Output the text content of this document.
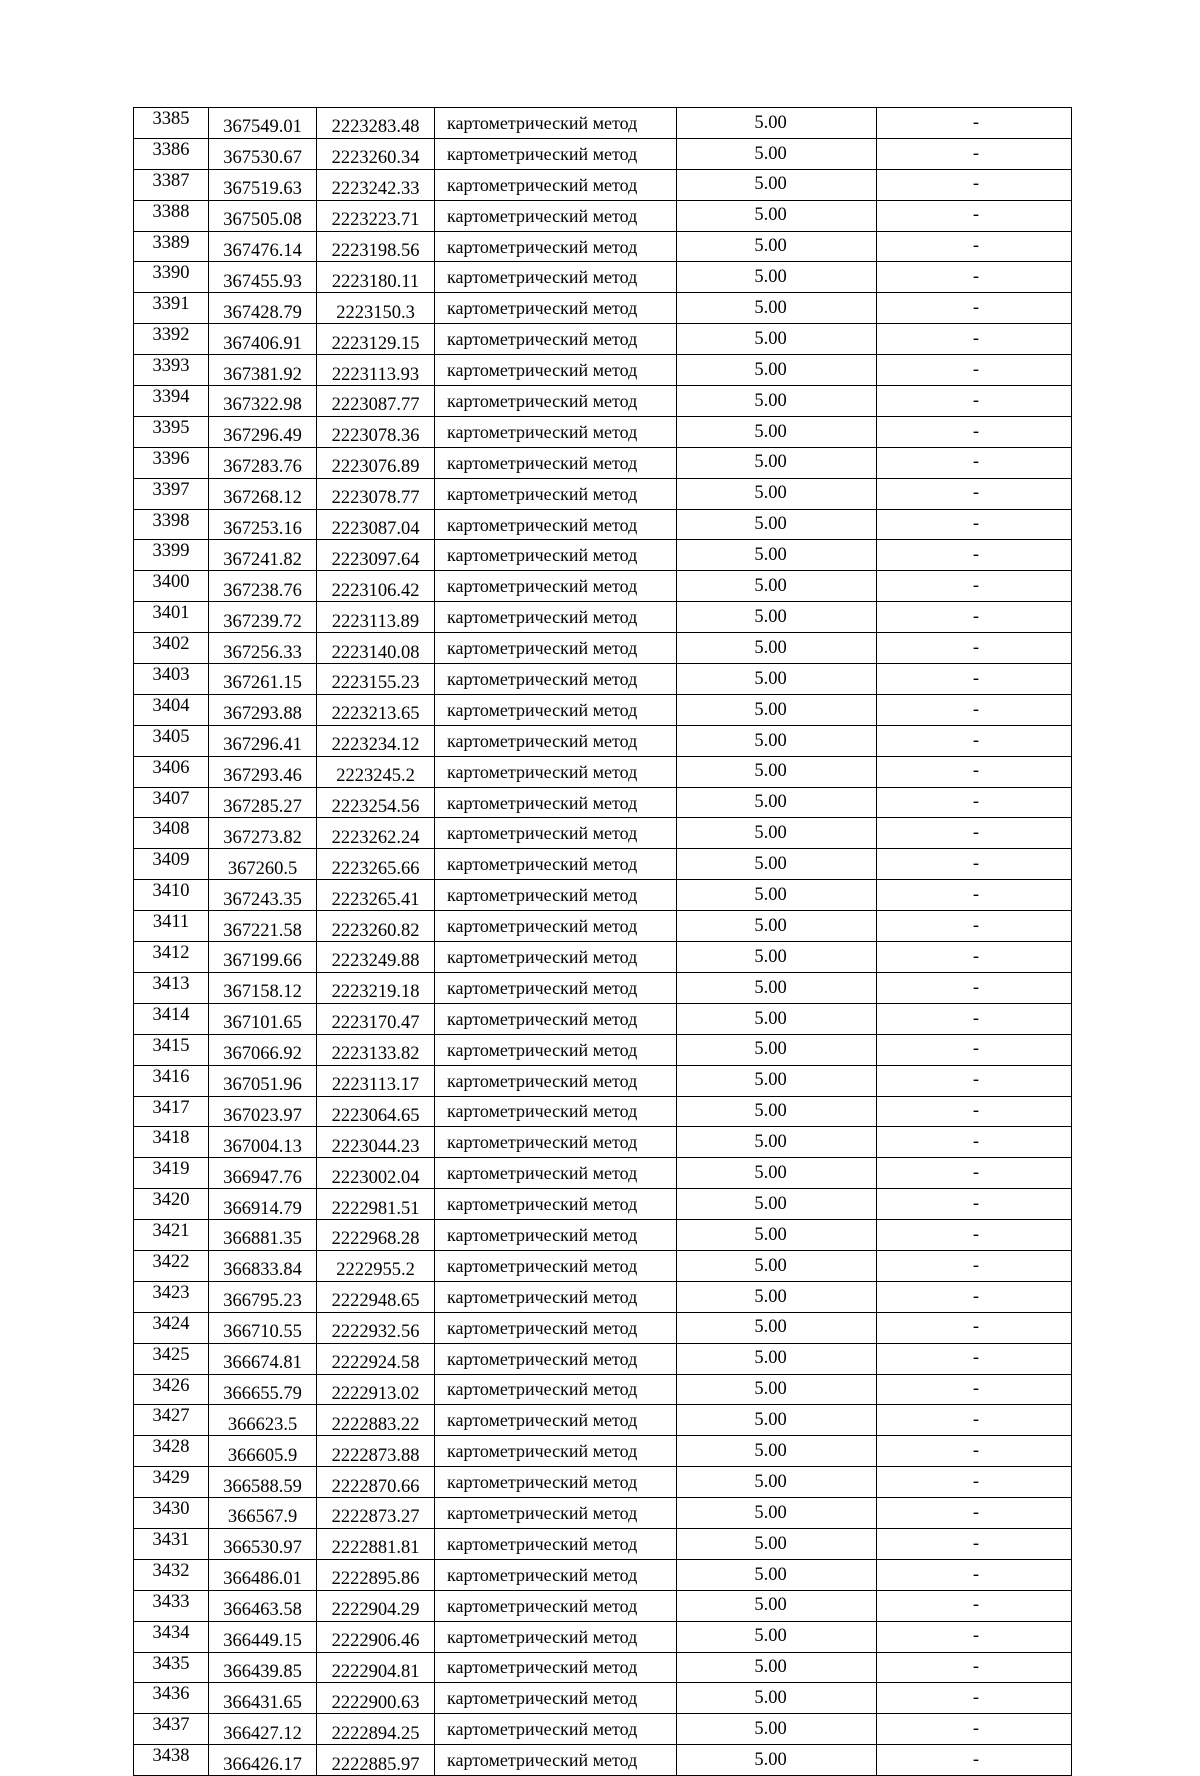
3385	367549.01	2223283.48	картометрический метод	5.00	-
3386	367530.67	2223260.34	картометрический метод	5.00	-
3387	367519.63	2223242.33	картометрический метод	5.00	-
3388	367505.08	2223223.71	картометрический метод	5.00	-
3389	367476.14	2223198.56	картометрический метод	5.00	-
3390	367455.93	2223180.11	картометрический метод	5.00	-
3391	367428.79	2223150.3	картометрический метод	5.00	-
3392	367406.91	2223129.15	картометрический метод	5.00	-
3393	367381.92	2223113.93	картометрический метод	5.00	-
3394	367322.98	2223087.77	картометрический метод	5.00	-
3395	367296.49	2223078.36	картометрический метод	5.00	-
3396	367283.76	2223076.89	картометрический метод	5.00	-
3397	367268.12	2223078.77	картометрический метод	5.00	-
3398	367253.16	2223087.04	картометрический метод	5.00	-
3399	367241.82	2223097.64	картометрический метод	5.00	-
3400	367238.76	2223106.42	картометрический метод	5.00	-
3401	367239.72	2223113.89	картометрический метод	5.00	-
3402	367256.33	2223140.08	картометрический метод	5.00	-
3403	367261.15	2223155.23	картометрический метод	5.00	-
3404	367293.88	2223213.65	картометрический метод	5.00	-
3405	367296.41	2223234.12	картометрический метод	5.00	-
3406	367293.46	2223245.2	картометрический метод	5.00	-
3407	367285.27	2223254.56	картометрический метод	5.00	-
3408	367273.82	2223262.24	картометрический метод	5.00	-
3409	367260.5	2223265.66	картометрический метод	5.00	-
3410	367243.35	2223265.41	картометрический метод	5.00	-
3411	367221.58	2223260.82	картометрический метод	5.00	-
3412	367199.66	2223249.88	картометрический метод	5.00	-
3413	367158.12	2223219.18	картометрический метод	5.00	-
3414	367101.65	2223170.47	картометрический метод	5.00	-
3415	367066.92	2223133.82	картометрический метод	5.00	-
3416	367051.96	2223113.17	картометрический метод	5.00	-
3417	367023.97	2223064.65	картометрический метод	5.00	-
3418	367004.13	2223044.23	картометрический метод	5.00	-
3419	366947.76	2223002.04	картометрический метод	5.00	-
3420	366914.79	2222981.51	картометрический метод	5.00	-
3421	366881.35	2222968.28	картометрический метод	5.00	-
3422	366833.84	2222955.2	картометрический метод	5.00	-
3423	366795.23	2222948.65	картометрический метод	5.00	-
3424	366710.55	2222932.56	картометрический метод	5.00	-
3425	366674.81	2222924.58	картометрический метод	5.00	-
3426	366655.79	2222913.02	картометрический метод	5.00	-
3427	366623.5	2222883.22	картометрический метод	5.00	-
3428	366605.9	2222873.88	картометрический метод	5.00	-
3429	366588.59	2222870.66	картометрический метод	5.00	-
3430	366567.9	2222873.27	картометрический метод	5.00	-
3431	366530.97	2222881.81	картометрический метод	5.00	-
3432	366486.01	2222895.86	картометрический метод	5.00	-
3433	366463.58	2222904.29	картометрический метод	5.00	-
3434	366449.15	2222906.46	картометрический метод	5.00	-
3435	366439.85	2222904.81	картометрический метод	5.00	-
3436	366431.65	2222900.63	картометрический метод	5.00	-
3437	366427.12	2222894.25	картометрический метод	5.00	-
3438	366426.17	2222885.97	картометрический метод	5.00	-
